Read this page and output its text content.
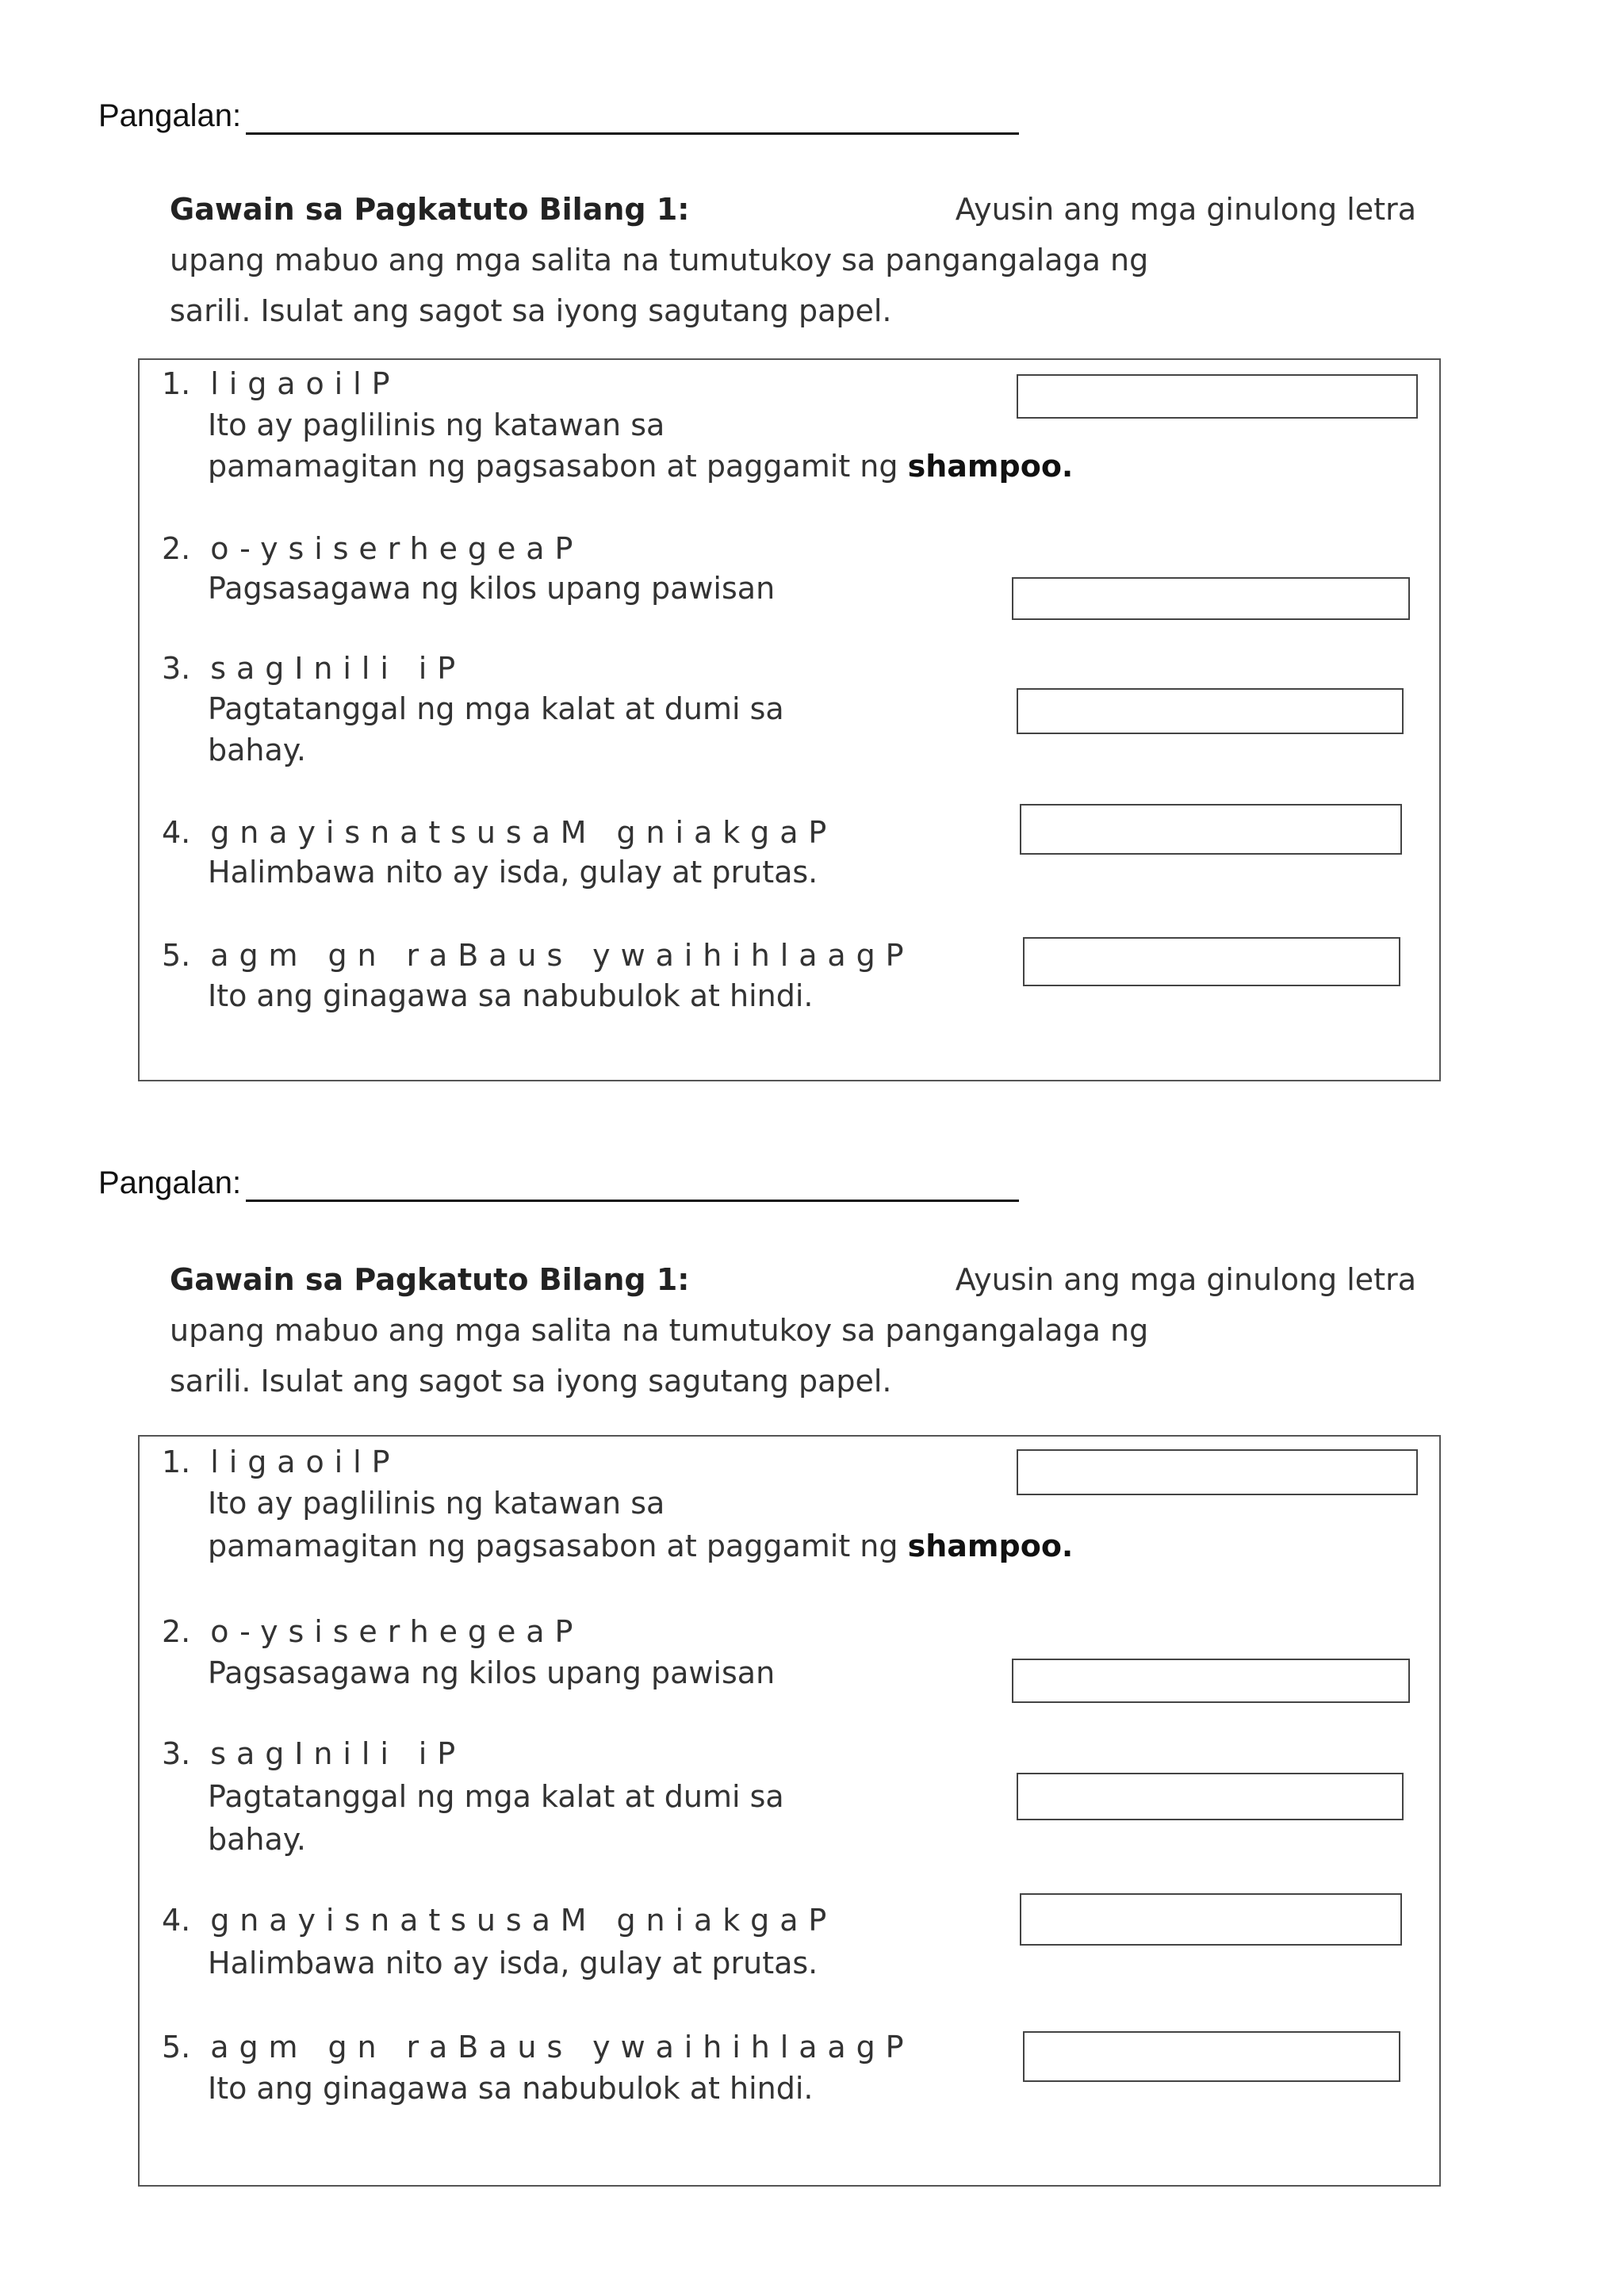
Pangalan:
Gawain sa Pagkatuto Bilang 1:	Ayusin ang mga ginulong letra
upang mabuo ang mga salita na tumutukoy sa pangangalaga ng
sarili. Isulat ang sagot sa iyong sagutang papel.
1. ligaoilP
Ito ay paglilinis ng katawan sa
pamamagitan ng pagsasabon at paggamit ng shampoo.
2. o-ysiserhegeaP
Pagsasagawa ng kilos upang pawisan
3. sagInili iP
Pagtatanggal ng mga kalat at dumi sa
bahay.
4. gnayisnatsusaM gniakgaP
Halimbawa nito ay isda, gulay at prutas.
5. agm gn raBaus ywaihihlaagP
Ito ang ginagawa sa nabubulok at hindi.
Pangalan:
Gawain sa Pagkatuto Bilang 1:	Ayusin ang mga ginulong letra
upang mabuo ang mga salita na tumutukoy sa pangangalaga ng
sarili. Isulat ang sagot sa iyong sagutang papel.
1. ligaoilP
Ito ay paglilinis ng katawan sa
pamamagitan ng pagsasabon at paggamit ng shampoo.
2. o-ysiserhegeaP
Pagsasagawa ng kilos upang pawisan
3. sagInili iP
Pagtatanggal ng mga kalat at dumi sa
bahay.
4. gnayisnatsusaM gniakgaP
Halimbawa nito ay isda, gulay at prutas.
5. agm gn raBaus ywaihihlaagP
Ito ang ginagawa sa nabubulok at hindi.
